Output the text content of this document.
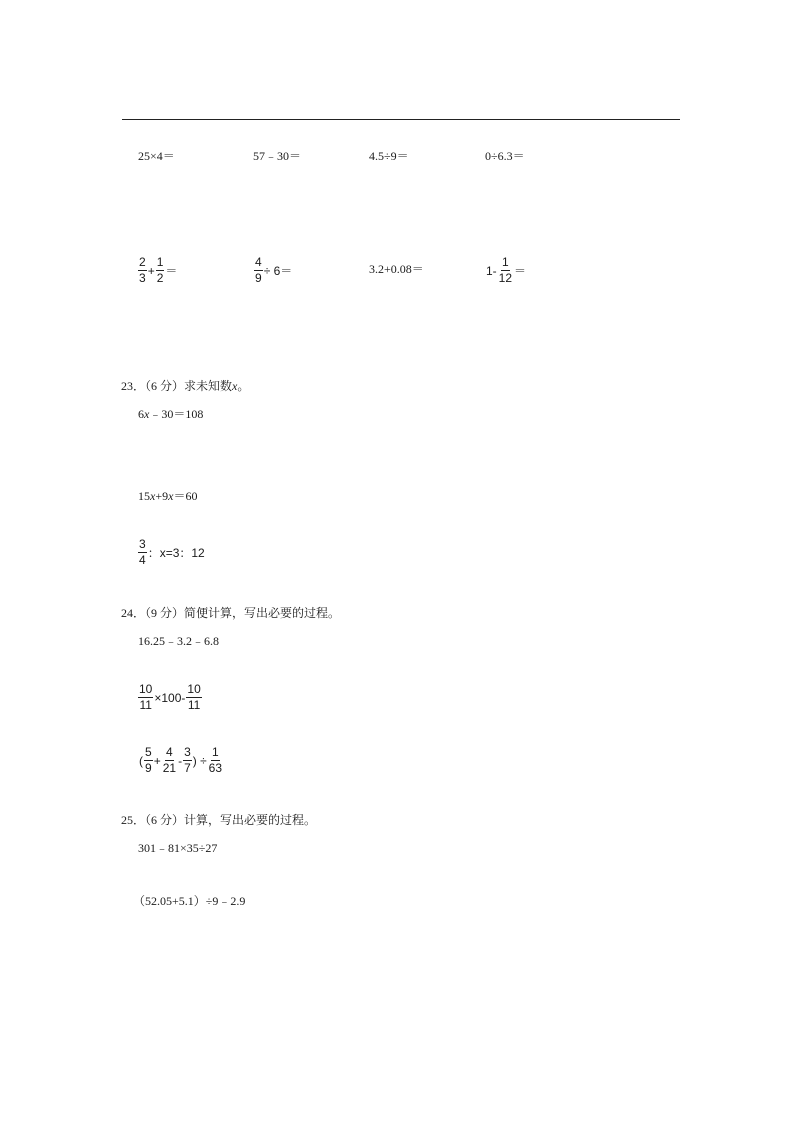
25×4＝	57﹣30＝	4.5÷9＝	0÷6.3＝
$\frac{2}{3} + \frac{1}{2}$ ＝	$\frac{4}{9} \div 6=$	3.2+0.08＝	$1- \frac{1}{12}$ ＝
23．（6 分）求未知数x。
6x﹣30＝108
15x+9x＝60
$\frac{3}{4}$ ：x=3：12
24．（9 分）简便计算，写出必要的过程。
16.25﹣3.2﹣6.8
$\frac{10}{11} \times 100- \frac{10}{11}$
( $\frac{5}{9} + \frac{4}{21} - \frac{3}{7}$ ) ÷ $\frac{1}{63}$
25．（6 分）计算，写出必要的过程。
301﹣81×35÷27
（52.05+5.1）÷9﹣2.9
